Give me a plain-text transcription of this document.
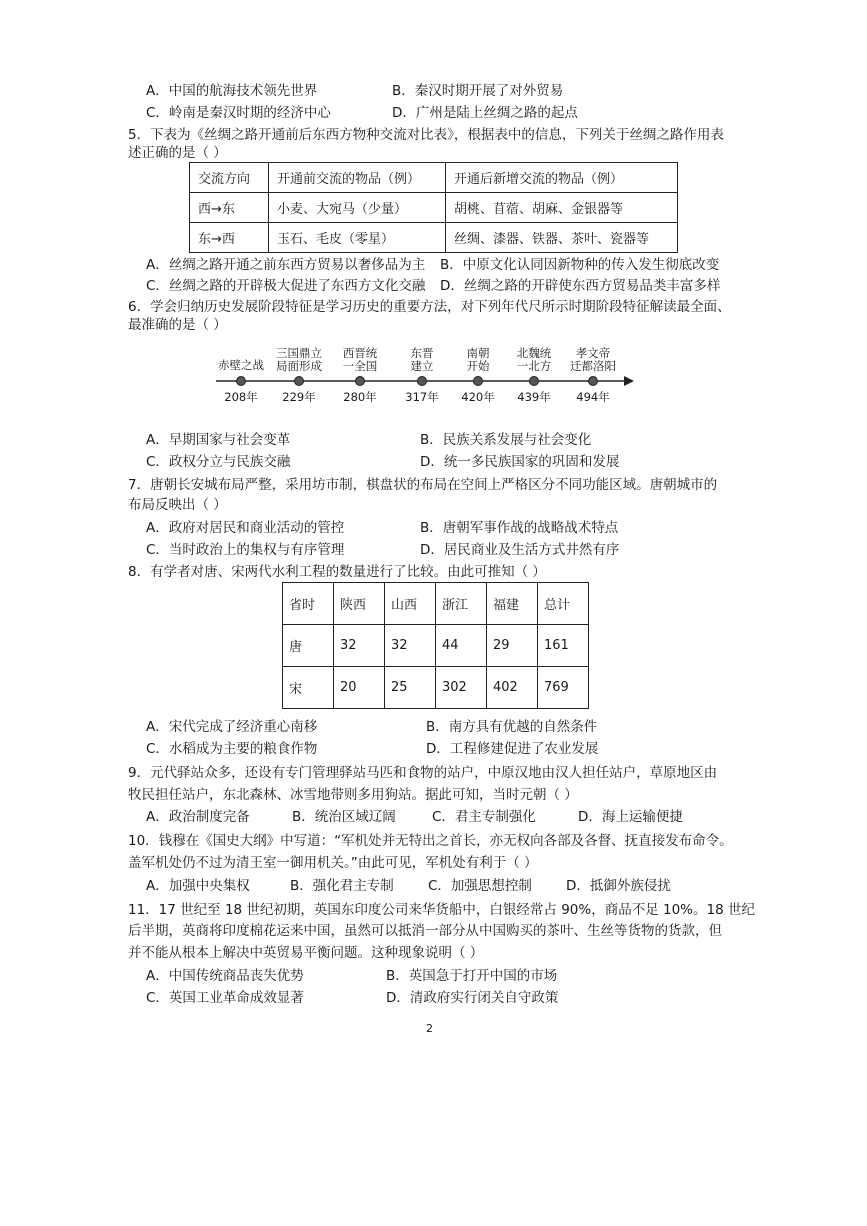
A．中国的航海技术领先世界	B．秦汉时期开展了对外贸易
C．岭南是秦汉时期的经济中心	D．广州是陆上丝绸之路的起点
5．下表为《丝绸之路开通前后东西方物种交流对比表》，根据表中的信息，下列关于丝绸之路作用表
述正确的是（ ）
交流方向	开通前交流的物品（例）	开通后新增交流的物品（例）
西→东	小麦、大宛马（少量）	胡桃、苜蓿、胡麻、金银器等
东→西	玉石、毛皮（零星）	丝绸、漆器、铁器、茶叶、瓷器等
A．丝绸之路开通之前东西方贸易以奢侈品为主 B．中原文化认同因新物种的传入发生彻底改变
C．丝绸之路的开辟极大促进了东西方文化交融 D．丝绸之路的开辟使东西方贸易品类丰富多样
6．学会归纳历史发展阶段特征是学习历史的重要方法，对下列年代尺所示时期阶段特征解读最全面、
最准确的是（ ）
赤壁之战
208年
三国鼎立
局面形成
229年
西晋统
一全国
280年
东晋
建立
317年
南朝
开始
420年
北魏统
一北方
439年
孝文帝
迁都洛阳
494年
A．早期国家与社会变革	B．民族关系发展与社会变化
C．政权分立与民族交融	D．统一多民族国家的巩固和发展
7．唐朝长安城布局严整，采用坊市制，棋盘状的布局在空间上严格区分不同功能区域。唐朝城市的
布局反映出（ ）
A．政府对居民和商业活动的管控	B．唐朝军事作战的战略战术特点
C．当时政治上的集权与有序管理	D．居民商业及生活方式井然有序
8．有学者对唐、宋两代水利工程的数量进行了比较。由此可推知（ ）
省时	陕西	山西	浙江	福建	总计
唐	32	32	44	29	161
宋	20	25	302	402	769
A．宋代完成了经济重心南移	B．南方具有优越的自然条件
C．水稻成为主要的粮食作物	D．工程修建促进了农业发展
9．元代驿站众多，还设有专门管理驿站马匹和食物的站户，中原汉地由汉人担任站户，草原地区由
牧民担任站户，东北森林、冰雪地带则多用狗站。据此可知，当时元朝（ ）
A．政治制度完备	B．统治区域辽阔	C．君主专制强化	D．海上运输便捷
10．钱穆在《国史大纲》中写道：“军机处并无特出之首长，亦无权向各部及各督、抚直接发布命令。
盖军机处仍不过为清王室一御用机关。”由此可见，军机处有利于（ ）
A．加强中央集权	B．强化君主专制	C．加强思想控制	D．抵御外族侵扰
11．17 世纪至 18 世纪初期，英国东印度公司来华货船中，白银经常占 90%，商品不足 10%。18 世纪
后半期，英商将印度棉花运来中国，虽然可以抵消一部分从中国购买的茶叶、生丝等货物的货款，但
并不能从根本上解决中英贸易平衡问题。这种现象说明（ ）
A．中国传统商品丧失优势	B．英国急于打开中国的市场
C．英国工业革命成效显著	D．清政府实行闭关自守政策
2
